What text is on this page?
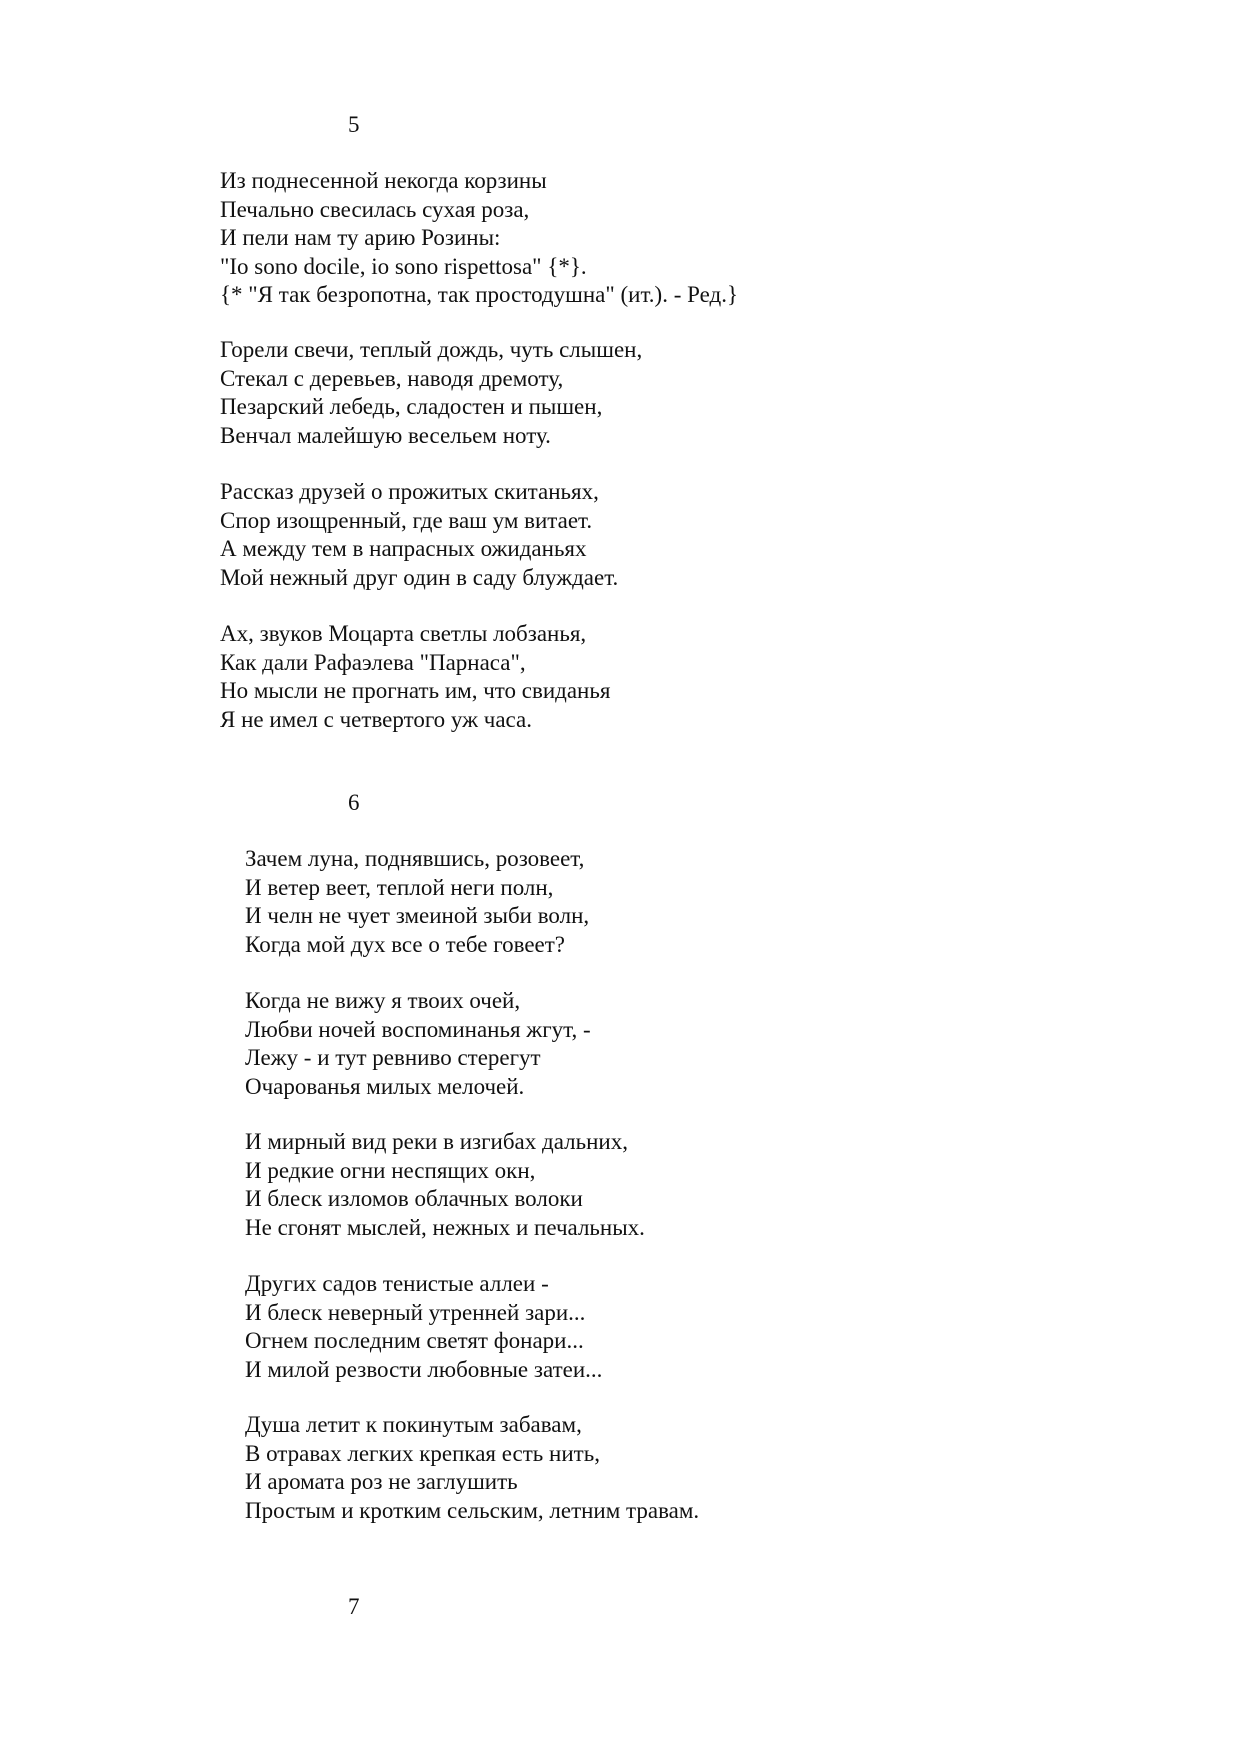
5
Из поднесенной некогда корзины
Печально свесилась сухая роза,
И пели нам ту арию Розины:
"Io sono docile, io sono rispettosa" {*}.
{* "Я так безропотна, так простодушна" (ит.). - Ред.}
Горели свечи, теплый дождь, чуть слышен,
Стекал с деревьев, наводя дремоту,
Пезарский лебедь, сладостен и пышен,
Венчал малейшую весельем ноту.
Рассказ друзей о прожитых скитаньях,
Спор изощренный, где ваш ум витает.
А между тем в напрасных ожиданьях
Мой нежный друг один в саду блуждает.
Ах, звуков Моцарта светлы лобзанья,
Как дали Рафаэлева "Парнаса",
Но мысли не прогнать им, что свиданья
Я не имел с четвертого уж часа.
6
Зачем луна, поднявшись, розовеет,
И ветер веет, теплой неги полн,
И челн не чует змеиной зыби волн,
Когда мой дух все о тебе говеет?
Когда не вижу я твоих очей,
Любви ночей воспоминанья жгут, -
Лежу - и тут ревниво стерегут
Очарованья милых мелочей.
И мирный вид реки в изгибах дальних,
И редкие огни неспящих окн,
И блеск изломов облачных волоки
Не сгонят мыслей, нежных и печальных.
Других садов тенистые аллеи -
И блеск неверный утренней зари...
Огнем последним светят фонари...
И милой резвости любовные затеи...
Душа летит к покинутым забавам,
В отравах легких крепкая есть нить,
И аромата роз не заглушить
Простым и кротким сельским, летним травам.
7
